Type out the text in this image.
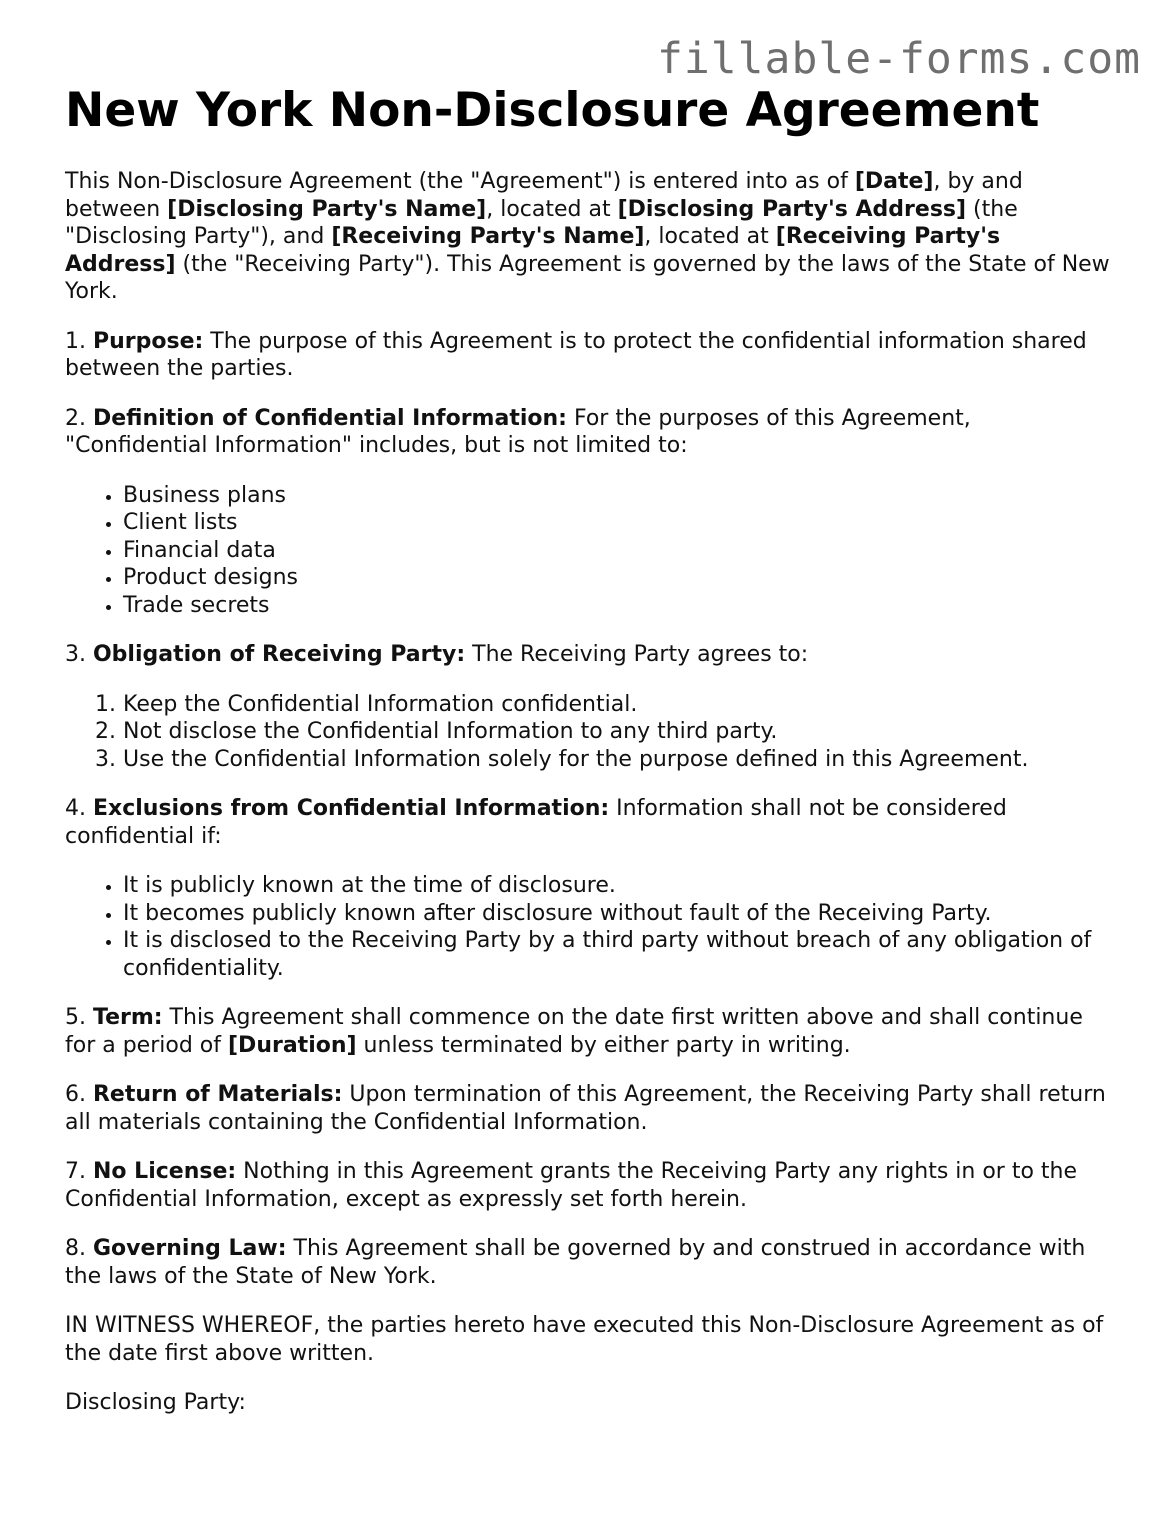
fillable-forms.com
New York Non-Disclosure Agreement

This Non-Disclosure Agreement (the "Agreement") is entered into as of [Date], by and between [Disclosing Party's Name], located at [Disclosing Party's Address] (the "Disclosing Party"), and [Receiving Party's Name], located at [Receiving Party's Address] (the "Receiving Party"). This Agreement is governed by the laws of the State of New York.

1. Purpose: The purpose of this Agreement is to protect the confidential information shared between the parties.

2. Definition of Confidential Information: For the purposes of this Agreement, "Confidential Information" includes, but is not limited to:

• Business plans
• Client lists
• Financial data
• Product designs
• Trade secrets

3. Obligation of Receiving Party: The Receiving Party agrees to:

1. Keep the Confidential Information confidential.
2. Not disclose the Confidential Information to any third party.
3. Use the Confidential Information solely for the purpose defined in this Agreement.

4. Exclusions from Confidential Information: Information shall not be considered confidential if:

• It is publicly known at the time of disclosure.
• It becomes publicly known after disclosure without fault of the Receiving Party.
• It is disclosed to the Receiving Party by a third party without breach of any obligation of confidentiality.

5. Term: This Agreement shall commence on the date first written above and shall continue for a period of [Duration] unless terminated by either party in writing.

6. Return of Materials: Upon termination of this Agreement, the Receiving Party shall return all materials containing the Confidential Information.

7. No License: Nothing in this Agreement grants the Receiving Party any rights in or to the Confidential Information, except as expressly set forth herein.

8. Governing Law: This Agreement shall be governed by and construed in accordance with the laws of the State of New York.

IN WITNESS WHEREOF, the parties hereto have executed this Non-Disclosure Agreement as of the date first above written.

Disclosing Party:
